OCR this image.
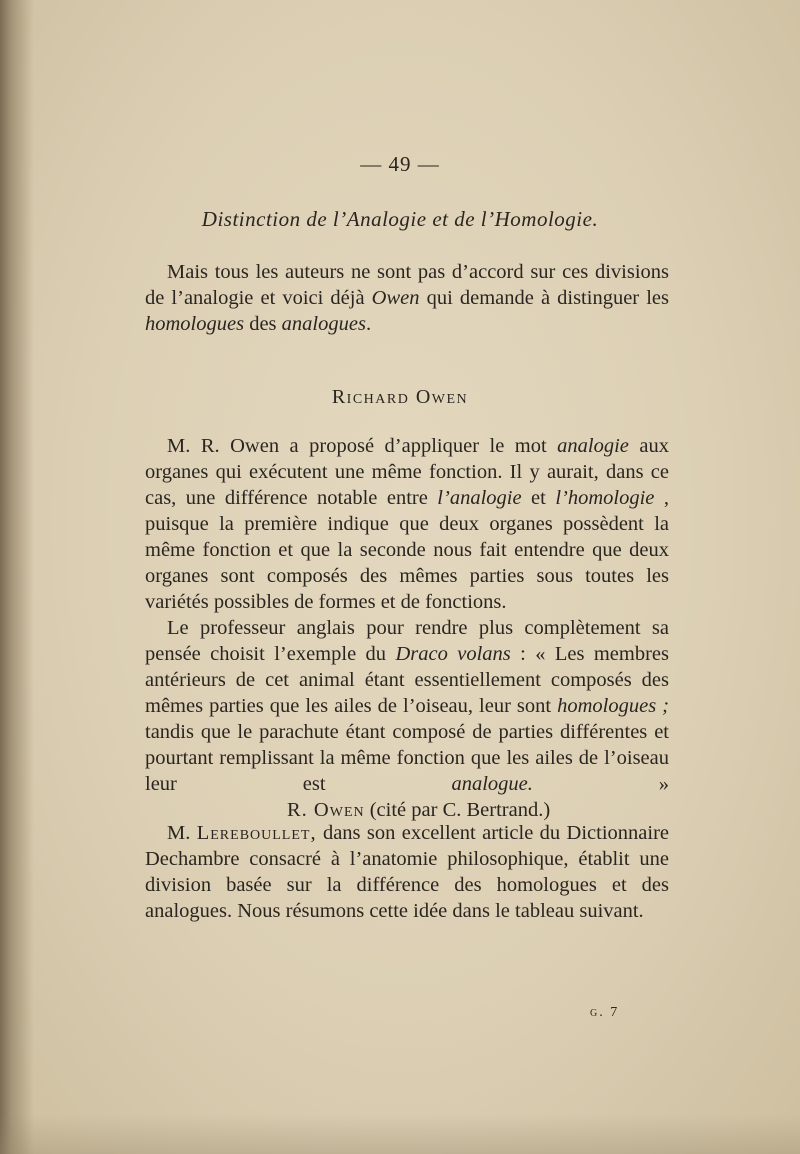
— 49 —
Distinction de l’Analogie et de l’Homologie.

Mais tous les auteurs ne sont pas d’accord sur ces divisions de l’analogie et voici déjà Owen qui demande à distinguer les homologues des analogues.

Richard Owen

M. R. Owen a proposé d’appliquer le mot analogie aux organes qui exécutent une même fonction. Il y aurait, dans ce cas, une différence notable entre l’analogie et l’homologie , puisque la première indique que deux organes possèdent la même fonction et que la seconde nous fait entendre que deux organes sont composés des mêmes parties sous toutes les variétés possibles de formes et de fonctions.

Le professeur anglais pour rendre plus complètement sa pensée choisit l’exemple du Draco volans : « Les membres antérieurs de cet animal étant essentiellement composés des mêmes parties que les ailes de l’oiseau, leur sont homologues ; tandis que le parachute étant composé de parties différentes et pourtant remplissant la même fonction que les ailes de l’oiseau leur est analogue. »R. Owen (cité par C. Bertrand.)

M. Lereboullet, dans son excellent article du Dictionnaire Dechambre consacré à l’anatomie philosophique, établit une division basée sur la différence des homologues et des analogues. Nous résumons cette idée dans le tableau suivant.

g. 7
